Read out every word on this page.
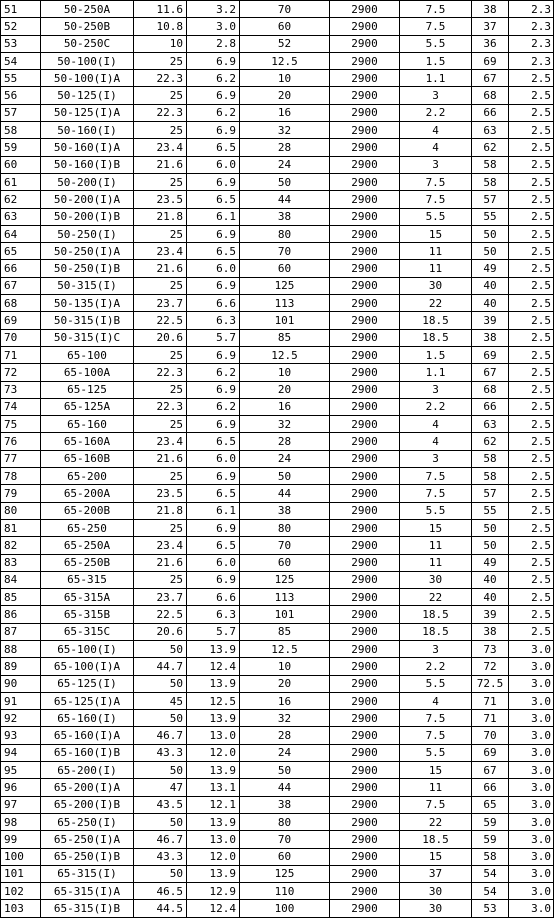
51	50-250A	11.6	3.2	70	2900	7.5	38	2.3
52	50-250B	10.8	3.0	60	2900	7.5	37	2.3
53	50-250C	10	2.8	52	2900	5.5	36	2.3
54	50-100(I)	25	6.9	12.5	2900	1.5	69	2.3
55	50-100(I)A	22.3	6.2	10	2900	1.1	67	2.5
56	50-125(I)	25	6.9	20	2900	3	68	2.5
57	50-125(I)A	22.3	6.2	16	2900	2.2	66	2.5
58	50-160(I)	25	6.9	32	2900	4	63	2.5
59	50-160(I)A	23.4	6.5	28	2900	4	62	2.5
60	50-160(I)B	21.6	6.0	24	2900	3	58	2.5
61	50-200(I)	25	6.9	50	2900	7.5	58	2.5
62	50-200(I)A	23.5	6.5	44	2900	7.5	57	2.5
63	50-200(I)B	21.8	6.1	38	2900	5.5	55	2.5
64	50-250(I)	25	6.9	80	2900	15	50	2.5
65	50-250(I)A	23.4	6.5	70	2900	11	50	2.5
66	50-250(I)B	21.6	6.0	60	2900	11	49	2.5
67	50-315(I)	25	6.9	125	2900	30	40	2.5
68	50-135(I)A	23.7	6.6	113	2900	22	40	2.5
69	50-315(I)B	22.5	6.3	101	2900	18.5	39	2.5
70	50-315(I)C	20.6	5.7	85	2900	18.5	38	2.5
71	65-100	25	6.9	12.5	2900	1.5	69	2.5
72	65-100A	22.3	6.2	10	2900	1.1	67	2.5
73	65-125	25	6.9	20	2900	3	68	2.5
74	65-125A	22.3	6.2	16	2900	2.2	66	2.5
75	65-160	25	6.9	32	2900	4	63	2.5
76	65-160A	23.4	6.5	28	2900	4	62	2.5
77	65-160B	21.6	6.0	24	2900	3	58	2.5
78	65-200	25	6.9	50	2900	7.5	58	2.5
79	65-200A	23.5	6.5	44	2900	7.5	57	2.5
80	65-200B	21.8	6.1	38	2900	5.5	55	2.5
81	65-250	25	6.9	80	2900	15	50	2.5
82	65-250A	23.4	6.5	70	2900	11	50	2.5
83	65-250B	21.6	6.0	60	2900	11	49	2.5
84	65-315	25	6.9	125	2900	30	40	2.5
85	65-315A	23.7	6.6	113	2900	22	40	2.5
86	65-315B	22.5	6.3	101	2900	18.5	39	2.5
87	65-315C	20.6	5.7	85	2900	18.5	38	2.5
88	65-100(I)	50	13.9	12.5	2900	3	73	3.0
89	65-100(I)A	44.7	12.4	10	2900	2.2	72	3.0
90	65-125(I)	50	13.9	20	2900	5.5	72.5	3.0
91	65-125(I)A	45	12.5	16	2900	4	71	3.0
92	65-160(I)	50	13.9	32	2900	7.5	71	3.0
93	65-160(I)A	46.7	13.0	28	2900	7.5	70	3.0
94	65-160(I)B	43.3	12.0	24	2900	5.5	69	3.0
95	65-200(I)	50	13.9	50	2900	15	67	3.0
96	65-200(I)A	47	13.1	44	2900	11	66	3.0
97	65-200(I)B	43.5	12.1	38	2900	7.5	65	3.0
98	65-250(I)	50	13.9	80	2900	22	59	3.0
99	65-250(I)A	46.7	13.0	70	2900	18.5	59	3.0
100	65-250(I)B	43.3	12.0	60	2900	15	58	3.0
101	65-315(I)	50	13.9	125	2900	37	54	3.0
102	65-315(I)A	46.5	12.9	110	2900	30	54	3.0
103	65-315(I)B	44.5	12.4	100	2900	30	53	3.0
